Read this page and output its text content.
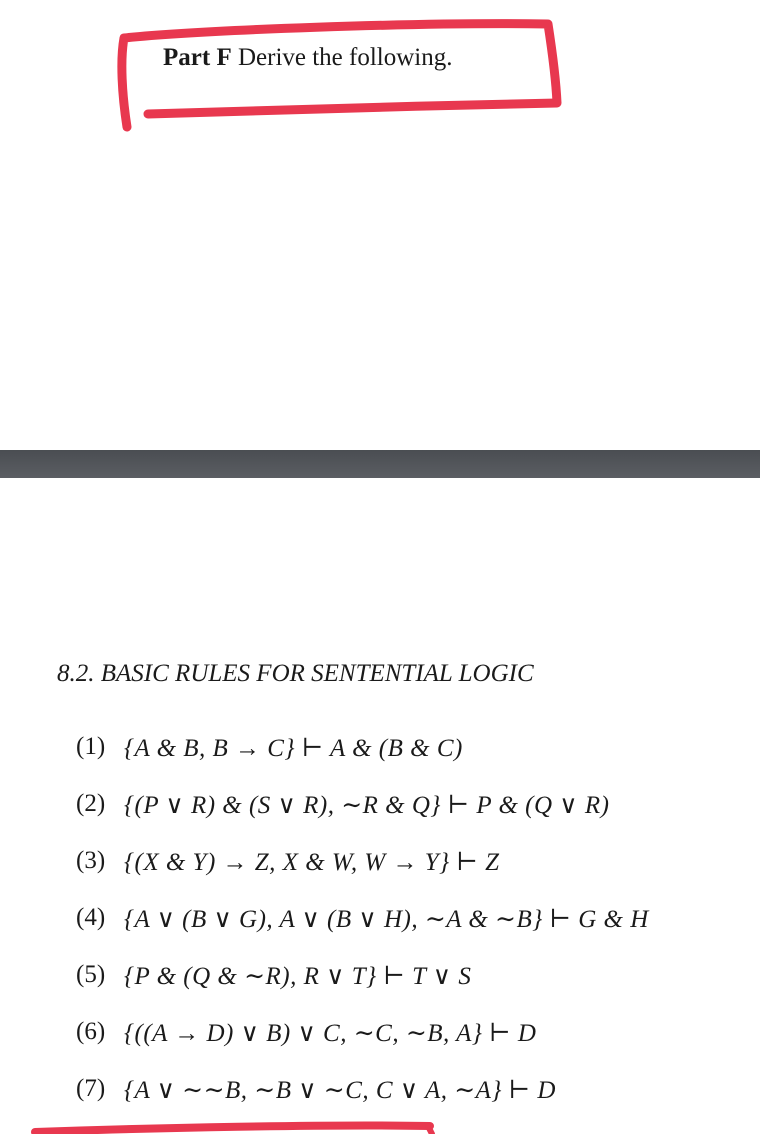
Part F Derive the following.
8.2. BASIC RULES FOR SENTENTIAL LOGIC
(1) {A & B, B → C} ⊢ A & (B & C)
(2) {(P ∨ R) & (S ∨ R), ∼R & Q} ⊢ P & (Q ∨ R)
(3) {(X & Y) → Z, X & W, W → Y} ⊢ Z
(4) {A ∨ (B ∨ G), A ∨ (B ∨ H), ∼A & ∼B} ⊢ G & H
(5) {P & (Q & ∼R), R ∨ T} ⊢ T ∨ S
(6) {((A → D) ∨ B) ∨ C, ∼C, ∼B, A} ⊢ D
(7) {A ∨ ∼∼B, ∼B ∨ ∼C, C ∨ A, ∼A} ⊢ D
